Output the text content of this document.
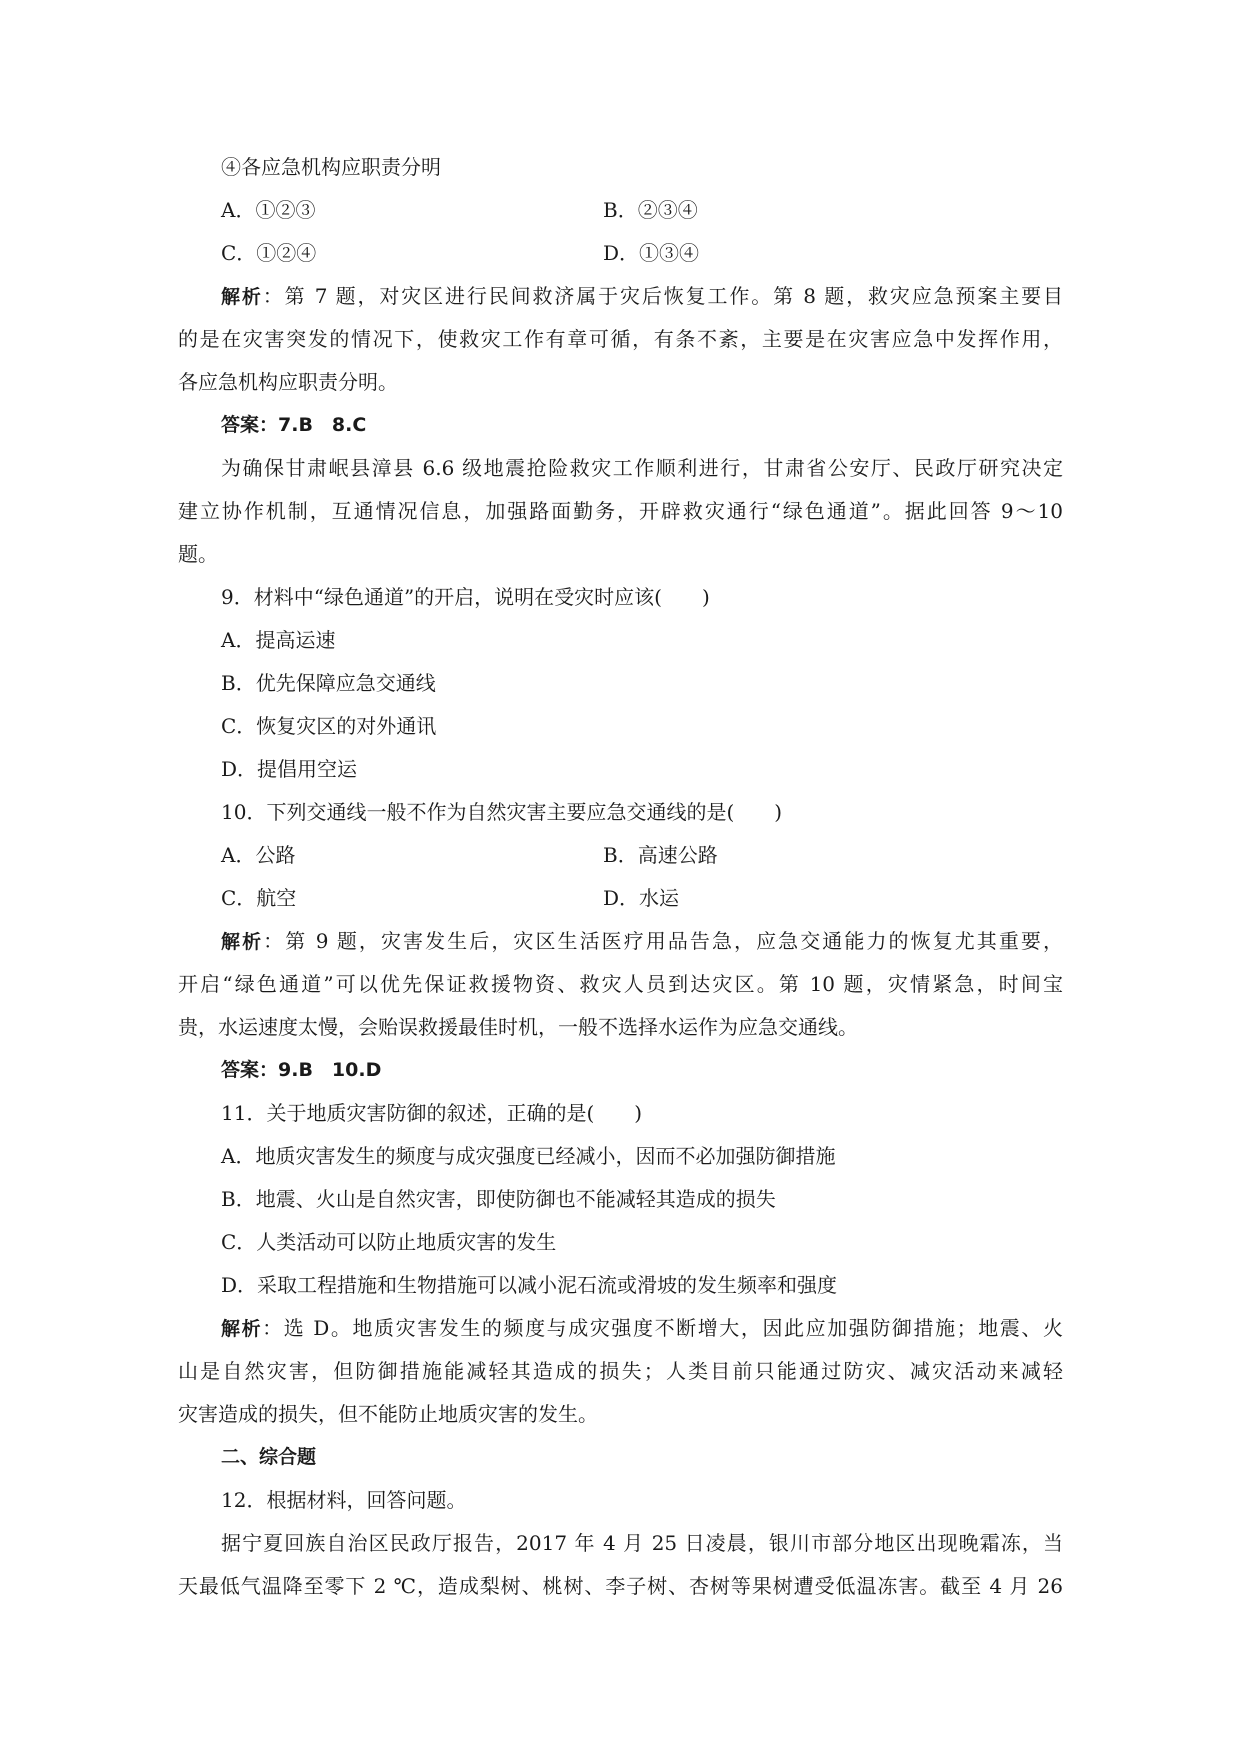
④各应急机构应职责分明
A．①②③	B．②③④
C．①②④	D．①③④
解析：第 7 题，对灾区进行民间救济属于灾后恢复工作。第 8 题，救灾应急预案主要目
的是在灾害突发的情况下，使救灾工作有章可循，有条不紊，主要是在灾害应急中发挥作用，
各应急机构应职责分明。
答案：7.B　8.C
为确保甘肃岷县漳县 6.6 级地震抢险救灾工作顺利进行，甘肃省公安厅、民政厅研究决定
建立协作机制，互通情况信息，加强路面勤务，开辟救灾通行“绿色通道”。据此回答 9～10
题。
9．材料中“绿色通道”的开启，说明在受灾时应该(　　)
A．提高运速
B．优先保障应急交通线
C．恢复灾区的对外通讯
D．提倡用空运
10．下列交通线一般不作为自然灾害主要应急交通线的是(　　)
A．公路	B．高速公路
C．航空	D．水运
解析：第 9 题，灾害发生后，灾区生活医疗用品告急，应急交通能力的恢复尤其重要，
开启“绿色通道”可以优先保证救援物资、救灾人员到达灾区。第 10 题，灾情紧急，时间宝
贵，水运速度太慢，会贻误救援最佳时机，一般不选择水运作为应急交通线。
答案：9.B　10.D
11．关于地质灾害防御的叙述，正确的是(　　)
A．地质灾害发生的频度与成灾强度已经减小，因而不必加强防御措施
B．地震、火山是自然灾害，即使防御也不能减轻其造成的损失
C．人类活动可以防止地质灾害的发生
D．采取工程措施和生物措施可以减小泥石流或滑坡的发生频率和强度
解析：选 D。地质灾害发生的频度与成灾强度不断增大，因此应加强防御措施；地震、火
山是自然灾害，但防御措施能减轻其造成的损失；人类目前只能通过防灾、减灾活动来减轻
灾害造成的损失，但不能防止地质灾害的发生。
二、综合题
12．根据材料，回答问题。
据宁夏回族自治区民政厅报告，2017 年 4 月 25 日凌晨，银川市部分地区出现晚霜冻，当
天最低气温降至零下 2 ℃，造成梨树、桃树、李子树、杏树等果树遭受低温冻害。截至 4 月 26
